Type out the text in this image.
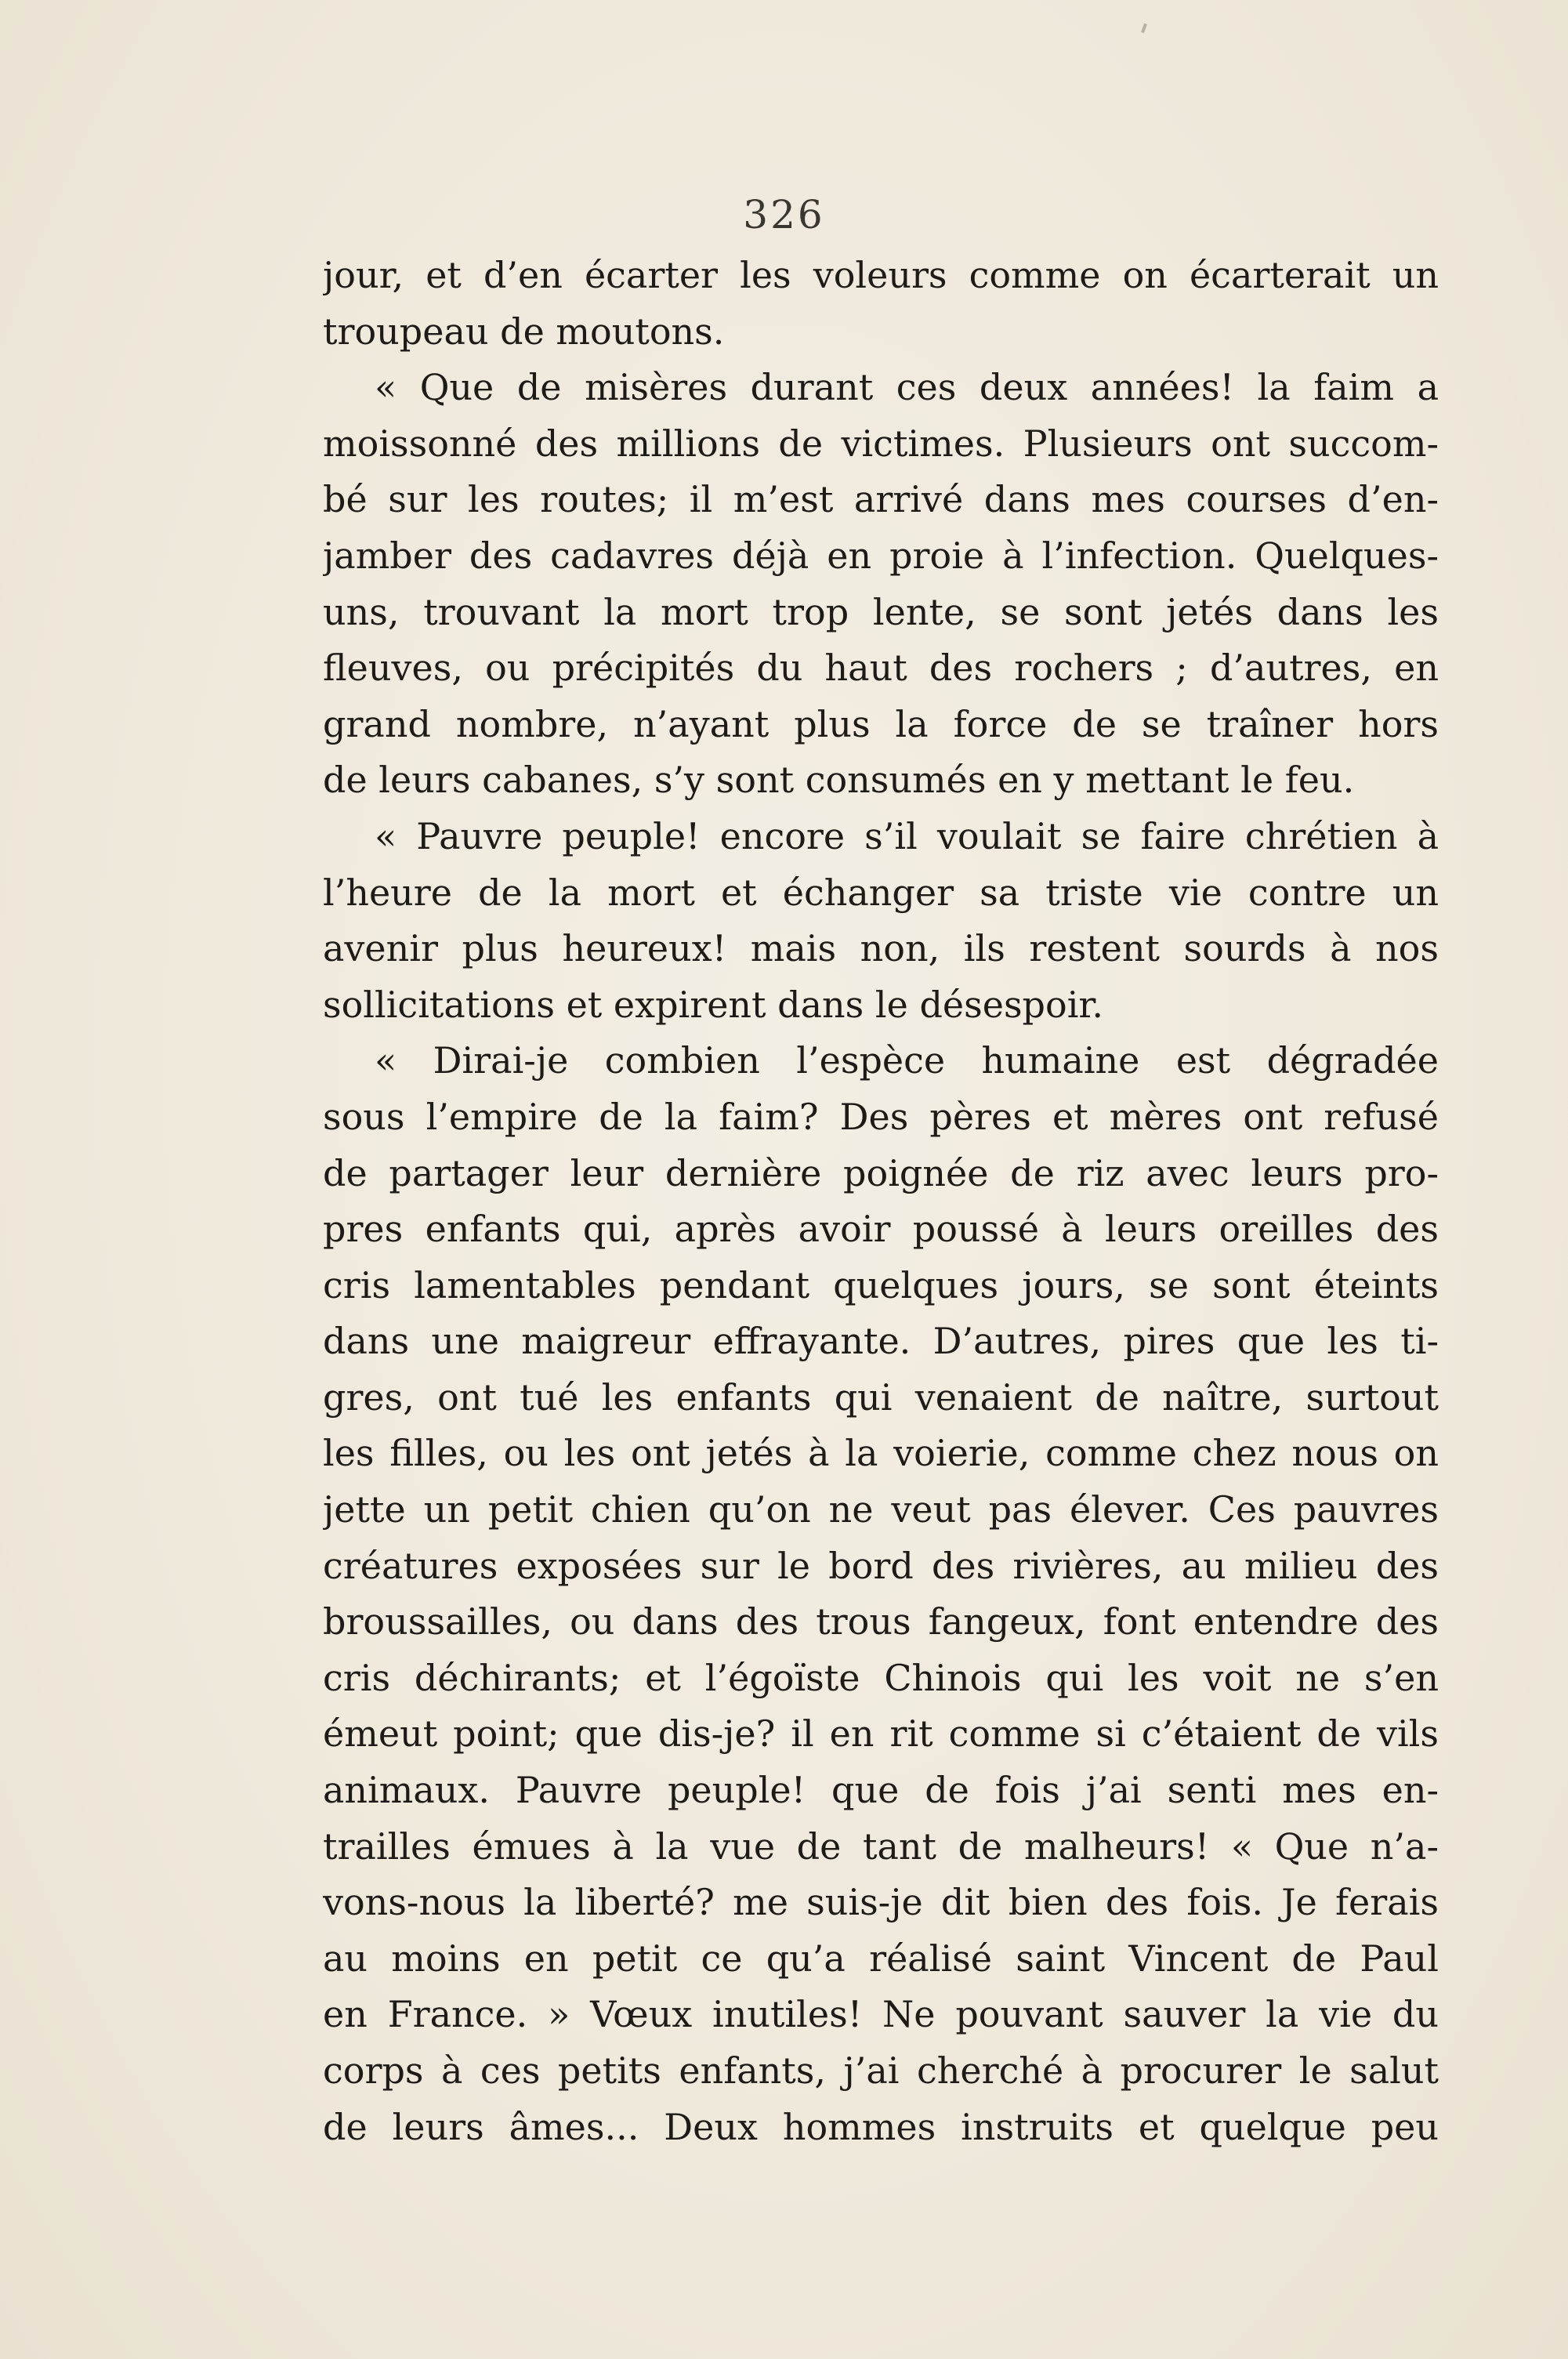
326
jour, et d’en écarter les voleurs comme on écarterait un
troupeau de moutons.
« Que de misères durant ces deux années! la faim a
moissonné des millions de victimes. Plusieurs ont succom-
bé sur les routes; il m’est arrivé dans mes courses d’en-
jamber des cadavres déjà en proie à l’infection. Quelques-
uns, trouvant la mort trop lente, se sont jetés dans les
fleuves, ou précipités du haut des rochers ; d’autres, en
grand nombre, n’ayant plus la force de se traîner hors
de leurs cabanes, s’y sont consumés en y mettant le feu.
« Pauvre peuple! encore s’il voulait se faire chrétien à
l’heure de la mort et échanger sa triste vie contre un
avenir plus heureux! mais non, ils restent sourds à nos
sollicitations et expirent dans le désespoir.
« Dirai-je combien l’espèce humaine est dégradée
sous l’empire de la faim? Des pères et mères ont refusé
de partager leur dernière poignée de riz avec leurs pro-
pres enfants qui, après avoir poussé à leurs oreilles des
cris lamentables pendant quelques jours, se sont éteints
dans une maigreur effrayante. D’autres, pires que les ti-
gres, ont tué les enfants qui venaient de naître, surtout
les filles, ou les ont jetés à la voierie, comme chez nous on
jette un petit chien qu’on ne veut pas élever. Ces pauvres
créatures exposées sur le bord des rivières, au milieu des
broussailles, ou dans des trous fangeux, font entendre des
cris déchirants; et l’égoïste Chinois qui les voit ne s’en
émeut point; que dis-je? il en rit comme si c’étaient de vils
animaux. Pauvre peuple! que de fois j’ai senti mes en-
trailles émues à la vue de tant de malheurs! « Que n’a-
vons-nous la liberté? me suis-je dit bien des fois. Je ferais
au moins en petit ce qu’a réalisé saint Vincent de Paul
en France. » Vœux inutiles! Ne pouvant sauver la vie du
corps à ces petits enfants, j’ai cherché à procurer le salut
de leurs âmes... Deux hommes instruits et quelque peu
